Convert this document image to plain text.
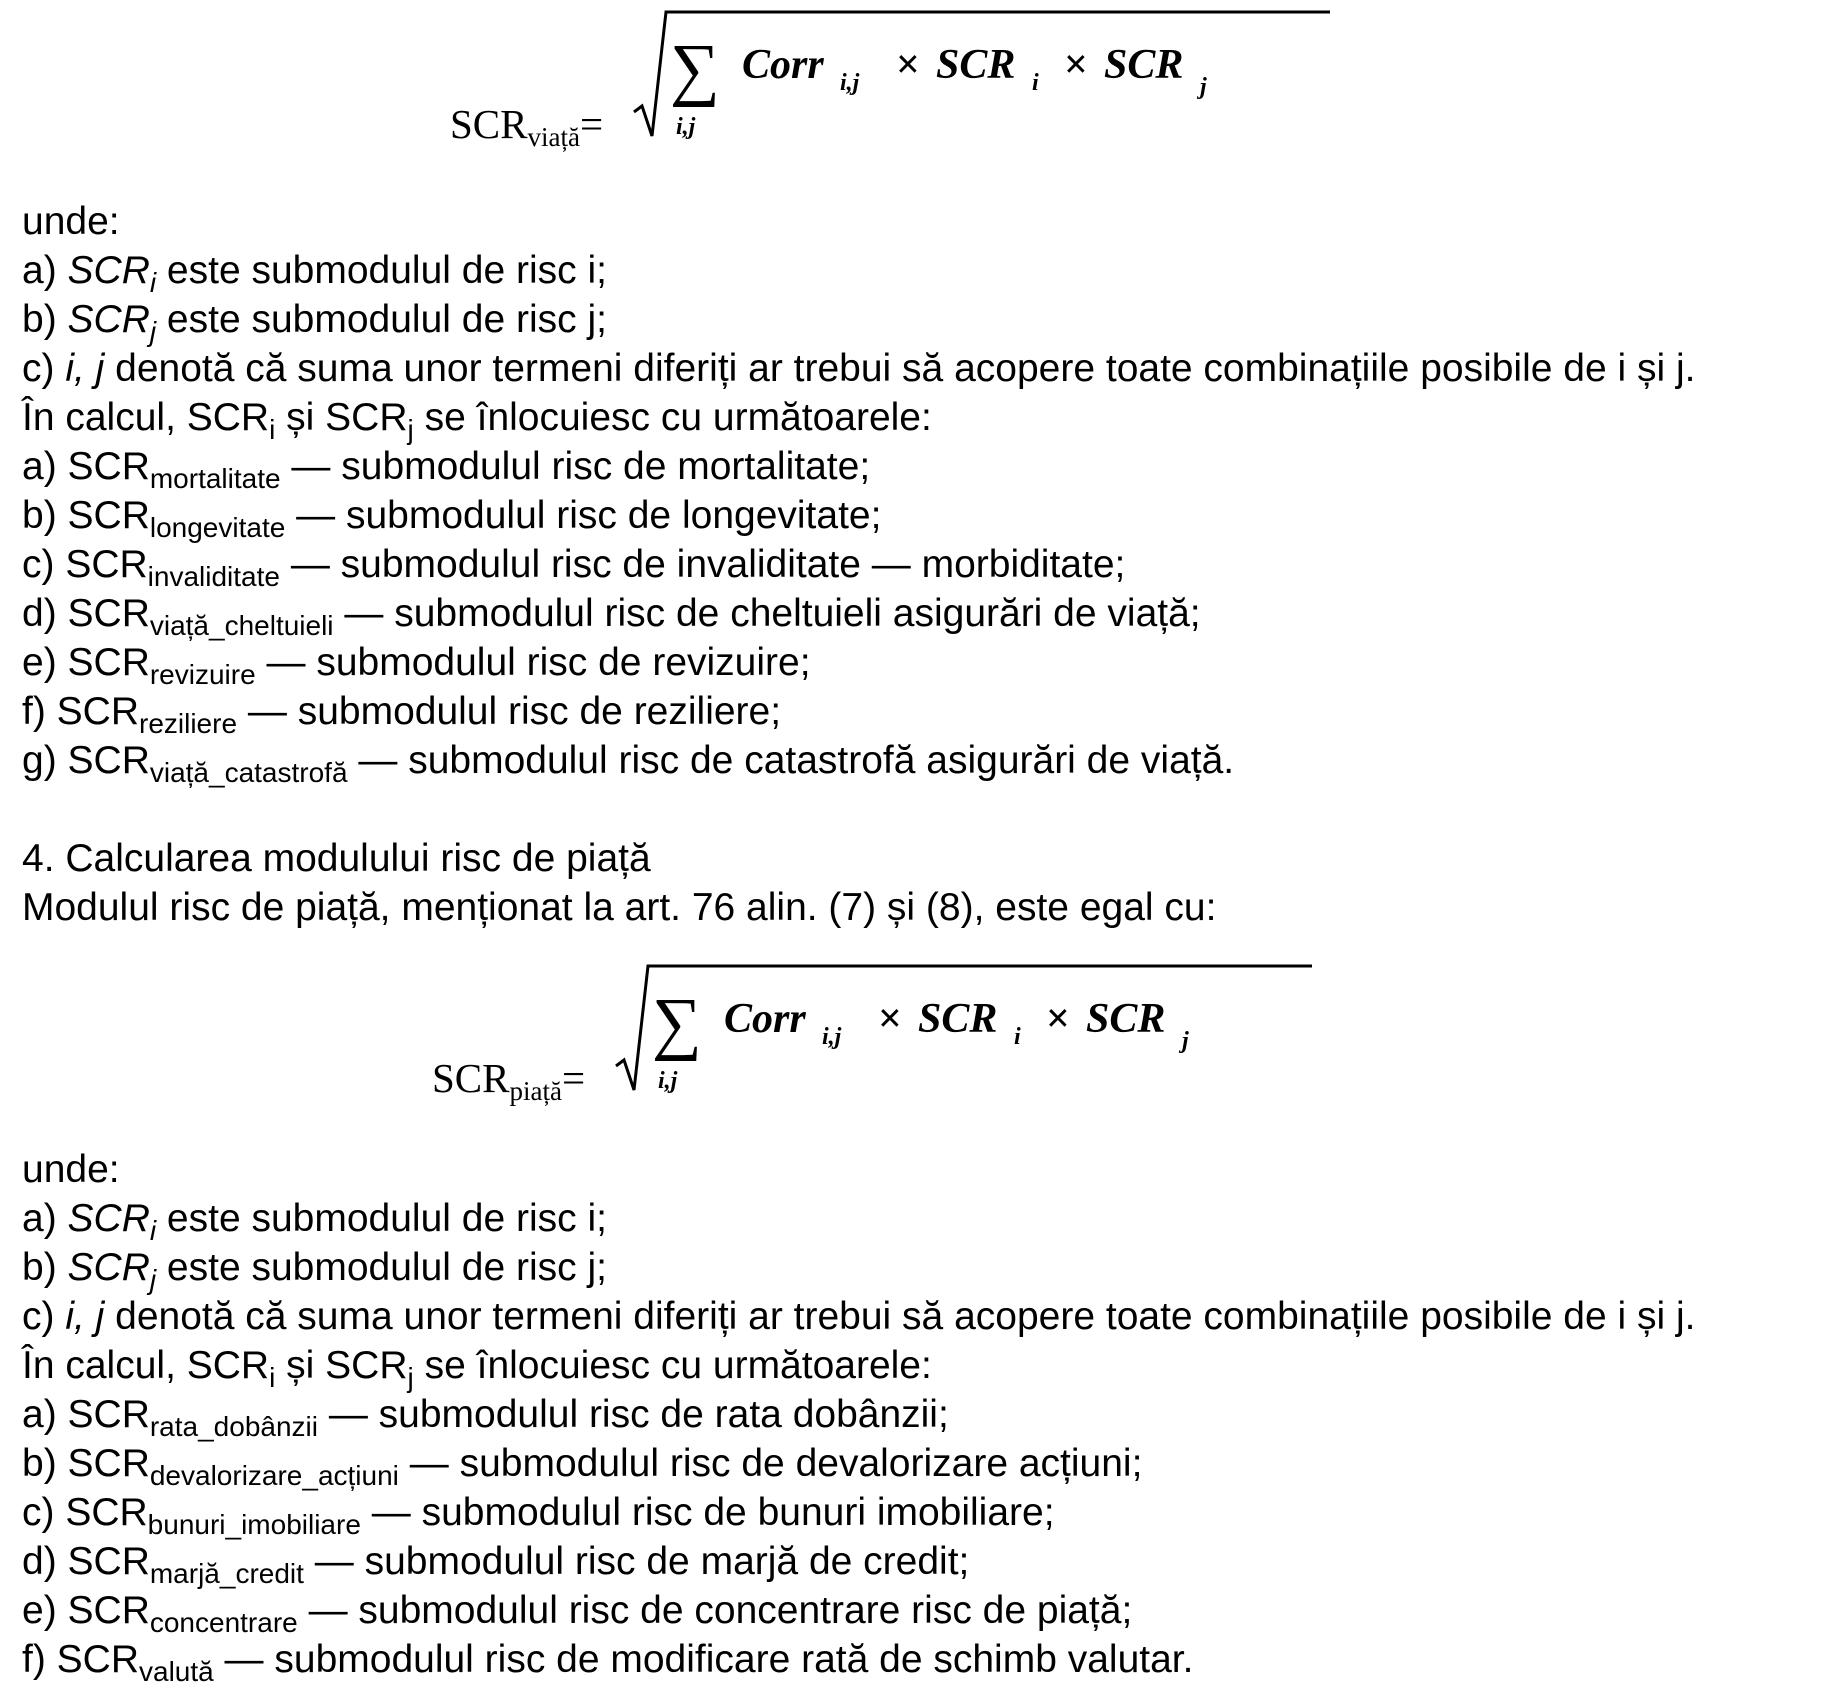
$SCR_{viață}=$
∑
i,j
Corr i,j × SCR i × SCR j
unde:
a) $SCR_i$ este submodulul de risc i;
b) $SCR_j$ este submodulul de risc j;
c) i, j denotă că suma unor termeni diferiți ar trebui să acopere toate combinațiile posibile de i și j.
În calcul, $SCR_i$ și $SCR_j$ se înlocuiesc cu următoarele:
a) $SCR_{mortalitate}$ — submodulul risc de mortalitate;
b) $SCR_{longevitate}$ — submodulul risc de longevitate;
c) $SCR_{invaliditate}$ — submodulul risc de invaliditate — morbiditate;
d) $SCR_{viață\_cheltuieli}$ — submodulul risc de cheltuieli asigurări de viață;
e) $SCR_{revizuire}$ — submodulul risc de revizuire;
f) $SCR_{reziliere}$ — submodulul risc de reziliere;
g) $SCR_{viață\_catastrofă}$ — submodulul risc de catastrofă asigurări de viață.
4. Calcularea modulului risc de piață
Modulul risc de piață, menționat la art. 76 alin. (7) și (8), este egal cu:
$SCR_{piață}=$
∑
i,j
Corr i,j × SCR i × SCR j
unde:
a) $SCR_i$ este submodulul de risc i;
b) $SCR_j$ este submodulul de risc j;
c) i, j denotă că suma unor termeni diferiți ar trebui să acopere toate combinațiile posibile de i și j.
În calcul, $SCR_i$ și $SCR_j$ se înlocuiesc cu următoarele:
a) $SCR_{rata\_dobânzii}$ — submodulul risc de rata dobânzii;
b) $SCR_{devalorizare\_acțiuni}$ — submodulul risc de devalorizare acțiuni;
c) $SCR_{bunuri\_imobiliare}$ — submodulul risc de bunuri imobiliare;
d) $SCR_{marjă\_credit}$ — submodulul risc de marjă de credit;
e) $SCR_{concentrare}$ — submodulul risc de concentrare risc de piață;
f) $SCR_{valută}$ — submodulul risc de modificare rată de schimb valutar.
